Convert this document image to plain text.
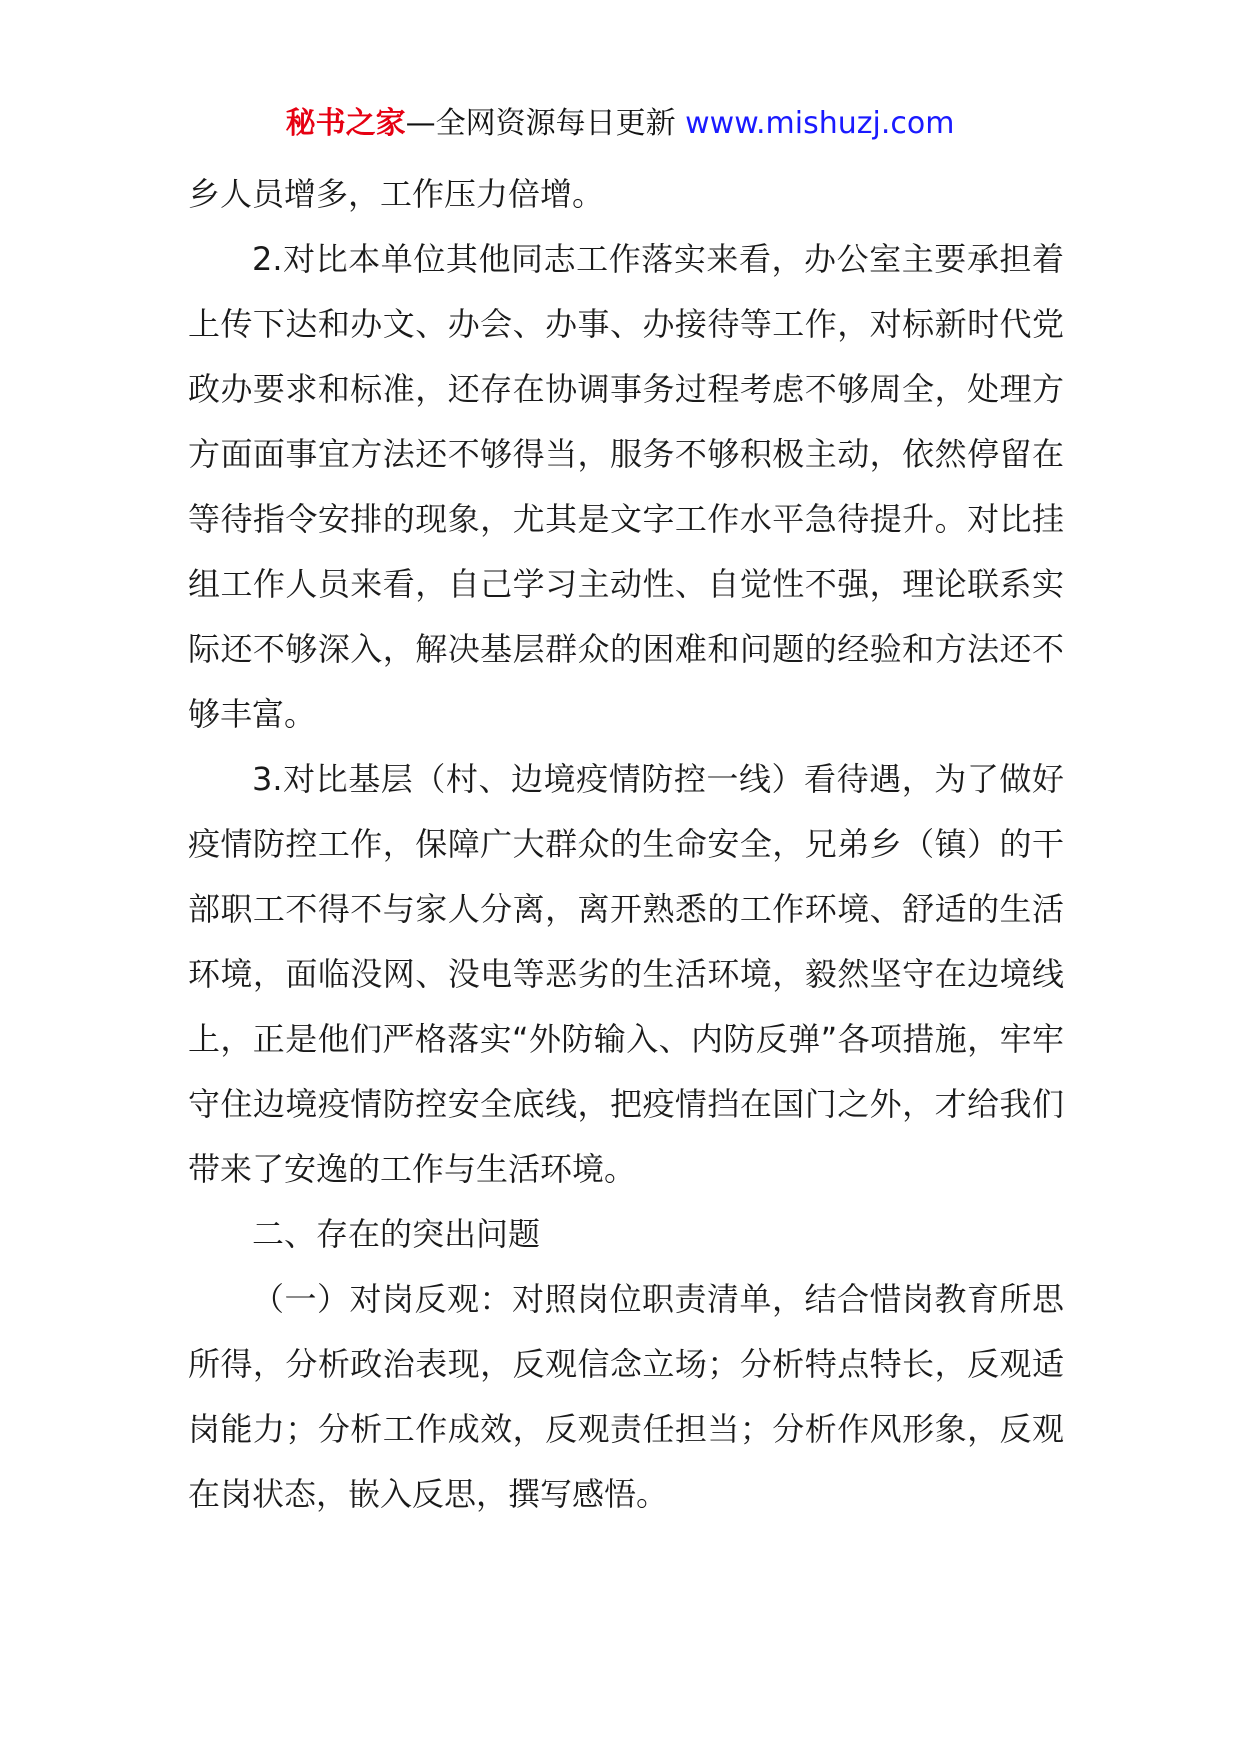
秘书之家—全网资源每日更新 www.mishuzj.com

乡人员增多，工作压力倍增。

2.对比本单位其他同志工作落实来看，办公室主要承担着上传下达和办文、办会、办事、办接待等工作，对标新时代党政办要求和标准，还存在协调事务过程考虑不够周全，处理方方面面事宜方法还不够得当，服务不够积极主动，依然停留在等待指令安排的现象，尤其是文字工作水平急待提升。对比挂组工作人员来看，自己学习主动性、自觉性不强，理论联系实际还不够深入，解决基层群众的困难和问题的经验和方法还不够丰富。

3.对比基层（村、边境疫情防控一线）看待遇，为了做好疫情防控工作，保障广大群众的生命安全，兄弟乡（镇）的干部职工不得不与家人分离，离开熟悉的工作环境、舒适的生活环境，面临没网、没电等恶劣的生活环境，毅然坚守在边境线上，正是他们严格落实“外防输入、内防反弹”各项措施，牢牢守住边境疫情防控安全底线，把疫情挡在国门之外，才给我们带来了安逸的工作与生活环境。

二、存在的突出问题

（一）对岗反观：对照岗位职责清单，结合惜岗教育所思所得，分析政治表现，反观信念立场；分析特点特长，反观适岗能力；分析工作成效，反观责任担当；分析作风形象，反观在岗状态，嵌入反思，撰写感悟。
